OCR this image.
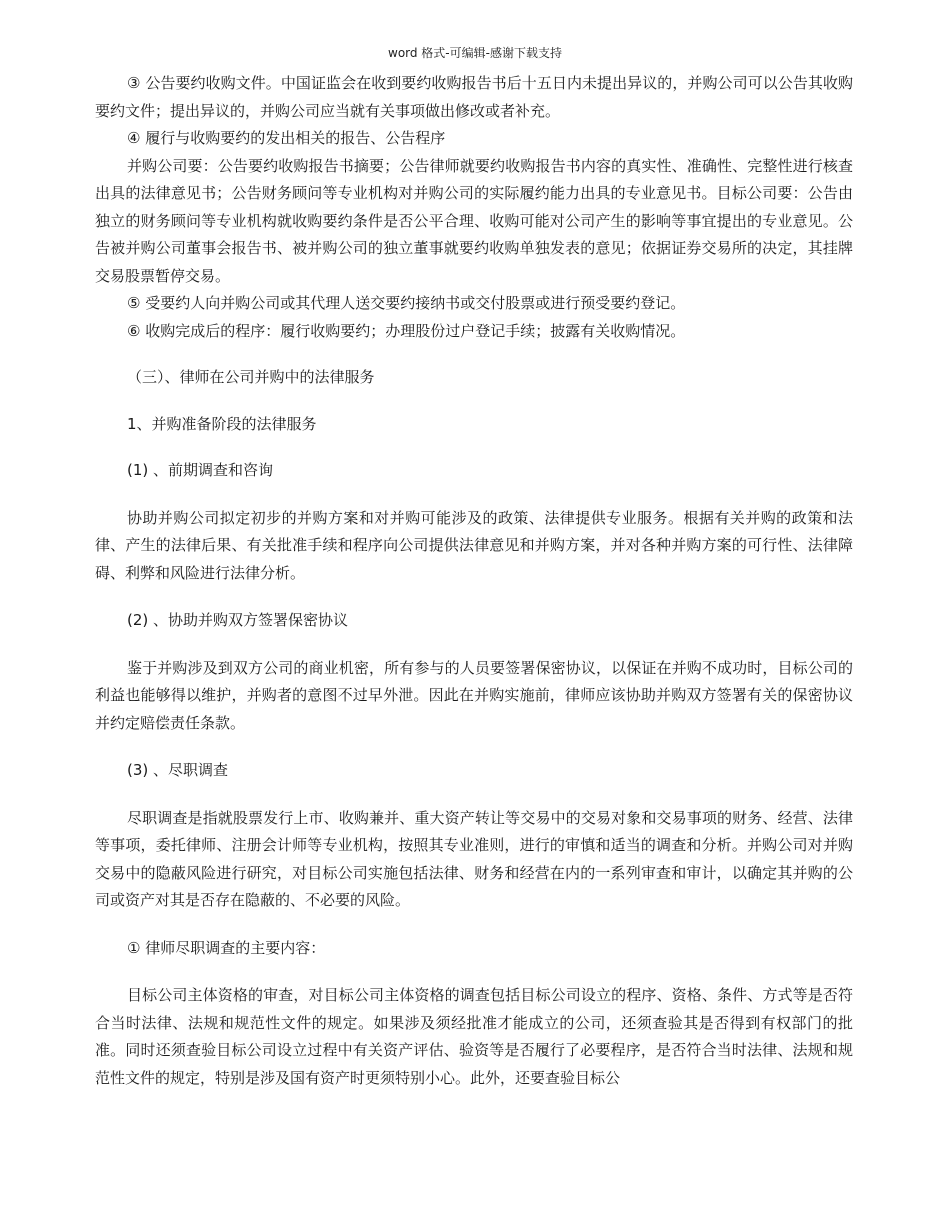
word 格式-可编辑-感谢下载支持

③ 公告要约收购文件。中国证监会在收到要约收购报告书后十五日内未提出异议的，并购公司可以公告其收购要约文件；提出异议的，并购公司应当就有关事项做出修改或者补充。

④ 履行与收购要约的发出相关的报告、公告程序

并购公司要：公告要约收购报告书摘要；公告律师就要约收购报告书内容的真实性、准确性、完整性进行核查出具的法律意见书；公告财务顾问等专业机构对并购公司的实际履约能力出具的专业意见书。目标公司要：公告由独立的财务顾问等专业机构就收购要约条件是否公平合理、收购可能对公司产生的影响等事宜提出的专业意见。公告被并购公司董事会报告书、被并购公司的独立董事就要约收购单独发表的意见；依据证券交易所的决定，其挂牌交易股票暂停交易。

⑤ 受要约人向并购公司或其代理人送交要约接纳书或交付股票或进行预受要约登记。

⑥ 收购完成后的程序：履行收购要约；办理股份过户登记手续；披露有关收购情况。

（三）、律师在公司并购中的法律服务

1、并购准备阶段的法律服务

(1) 、前期调查和咨询

协助并购公司拟定初步的并购方案和对并购可能涉及的政策、法律提供专业服务。根据有关并购的政策和法律、产生的法律后果、有关批准手续和程序向公司提供法律意见和并购方案，并对各种并购方案的可行性、法律障碍、利弊和风险进行法律分析。

(2) 、协助并购双方签署保密协议

鉴于并购涉及到双方公司的商业机密，所有参与的人员要签署保密协议，以保证在并购不成功时，目标公司的利益也能够得以维护，并购者的意图不过早外泄。因此在并购实施前，律师应该协助并购双方签署有关的保密协议并约定赔偿责任条款。

(3) 、尽职调查

尽职调查是指就股票发行上市、收购兼并、重大资产转让等交易中的交易对象和交易事项的财务、经营、法律等事项，委托律师、注册会计师等专业机构，按照其专业准则，进行的审慎和适当的调查和分析。并购公司对并购交易中的隐蔽风险进行研究，对目标公司实施包括法律、财务和经营在内的一系列审查和审计，以确定其并购的公司或资产对其是否存在隐蔽的、不必要的风险。

① 律师尽职调查的主要内容：

目标公司主体资格的审查，对目标公司主体资格的调查包括目标公司设立的程序、资格、条件、方式等是否符合当时法律、法规和规范性文件的规定。如果涉及须经批准才能成立的公司，还须查验其是否得到有权部门的批准。同时还须查验目标公司设立过程中有关资产评估、验资等是否履行了必要程序，是否符合当时法律、法规和规范性文件的规定，特别是涉及国有资产时更须特别小心。此外，还要查验目标公
